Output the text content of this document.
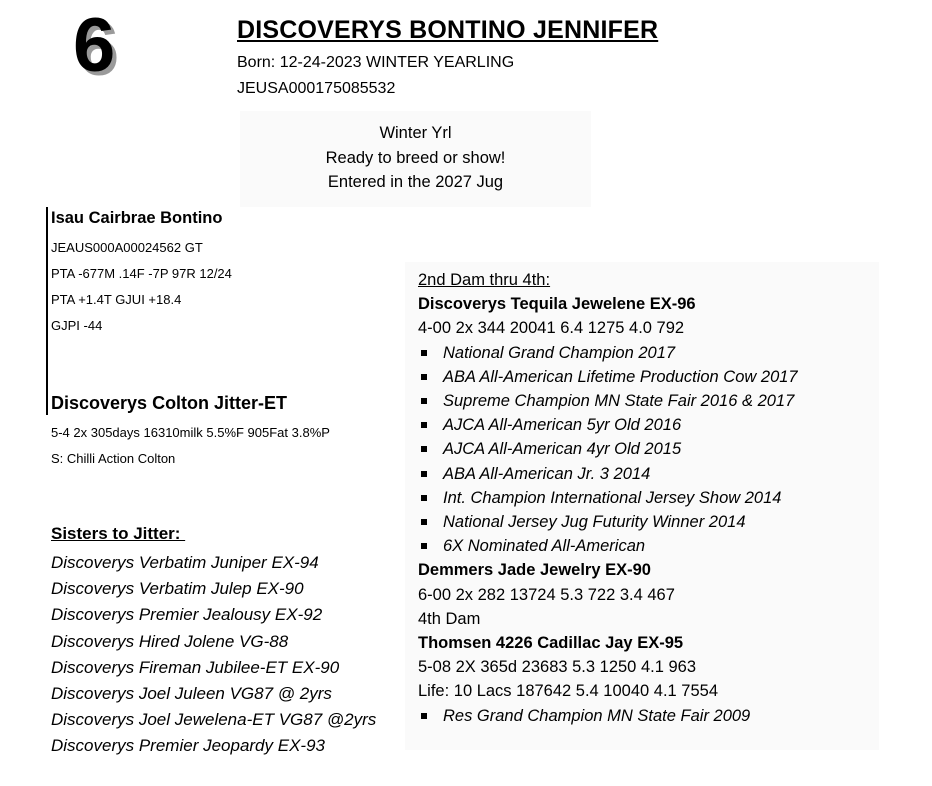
6	DISCOVERYS BONTINO JENNIFER
Born: 12-24-2023 WINTER YEARLING
JEUSA000175085532
Winter Yrl
Ready to breed or show!
Entered in the 2027 Jug
Isau Cairbrae Bontino
JEAUS000A00024562 GT
PTA -677M .14F -7P 97R 12/24
PTA +1.4T GJUI +18.4
GJPI -44
Discoverys Colton Jitter-ET
5-4 2x 305days 16310milk 5.5%F 905Fat 3.8%P
S: Chilli Action Colton
Sisters to Jitter:
Discoverys Verbatim Juniper EX-94
Discoverys Verbatim Julep EX-90
Discoverys Premier Jealousy EX-92
Discoverys Hired Jolene VG-88
Discoverys Fireman Jubilee-ET EX-90
Discoverys Joel Juleen VG87 @ 2yrs
Discoverys Joel Jewelena-ET VG87 @2yrs
Discoverys Premier Jeopardy EX-93
2nd Dam thru 4th:
Discoverys Tequila Jewelene EX-96
4-00 2x 344 20041 6.4 1275 4.0 792
National Grand Champion 2017
ABA All-American Lifetime Production Cow 2017
Supreme Champion MN State Fair 2016 & 2017
AJCA All-American 5yr Old 2016
AJCA All-American 4yr Old 2015
ABA All-American Jr. 3 2014
Int. Champion International Jersey Show 2014
National Jersey Jug Futurity Winner 2014
6X Nominated All-American
Demmers Jade Jewelry EX-90
6-00 2x 282 13724 5.3 722 3.4 467
4th Dam
Thomsen 4226 Cadillac Jay EX-95
5-08 2X 365d 23683 5.3 1250 4.1 963
Life: 10 Lacs 187642 5.4 10040 4.1 7554
Res Grand Champion MN State Fair 2009
